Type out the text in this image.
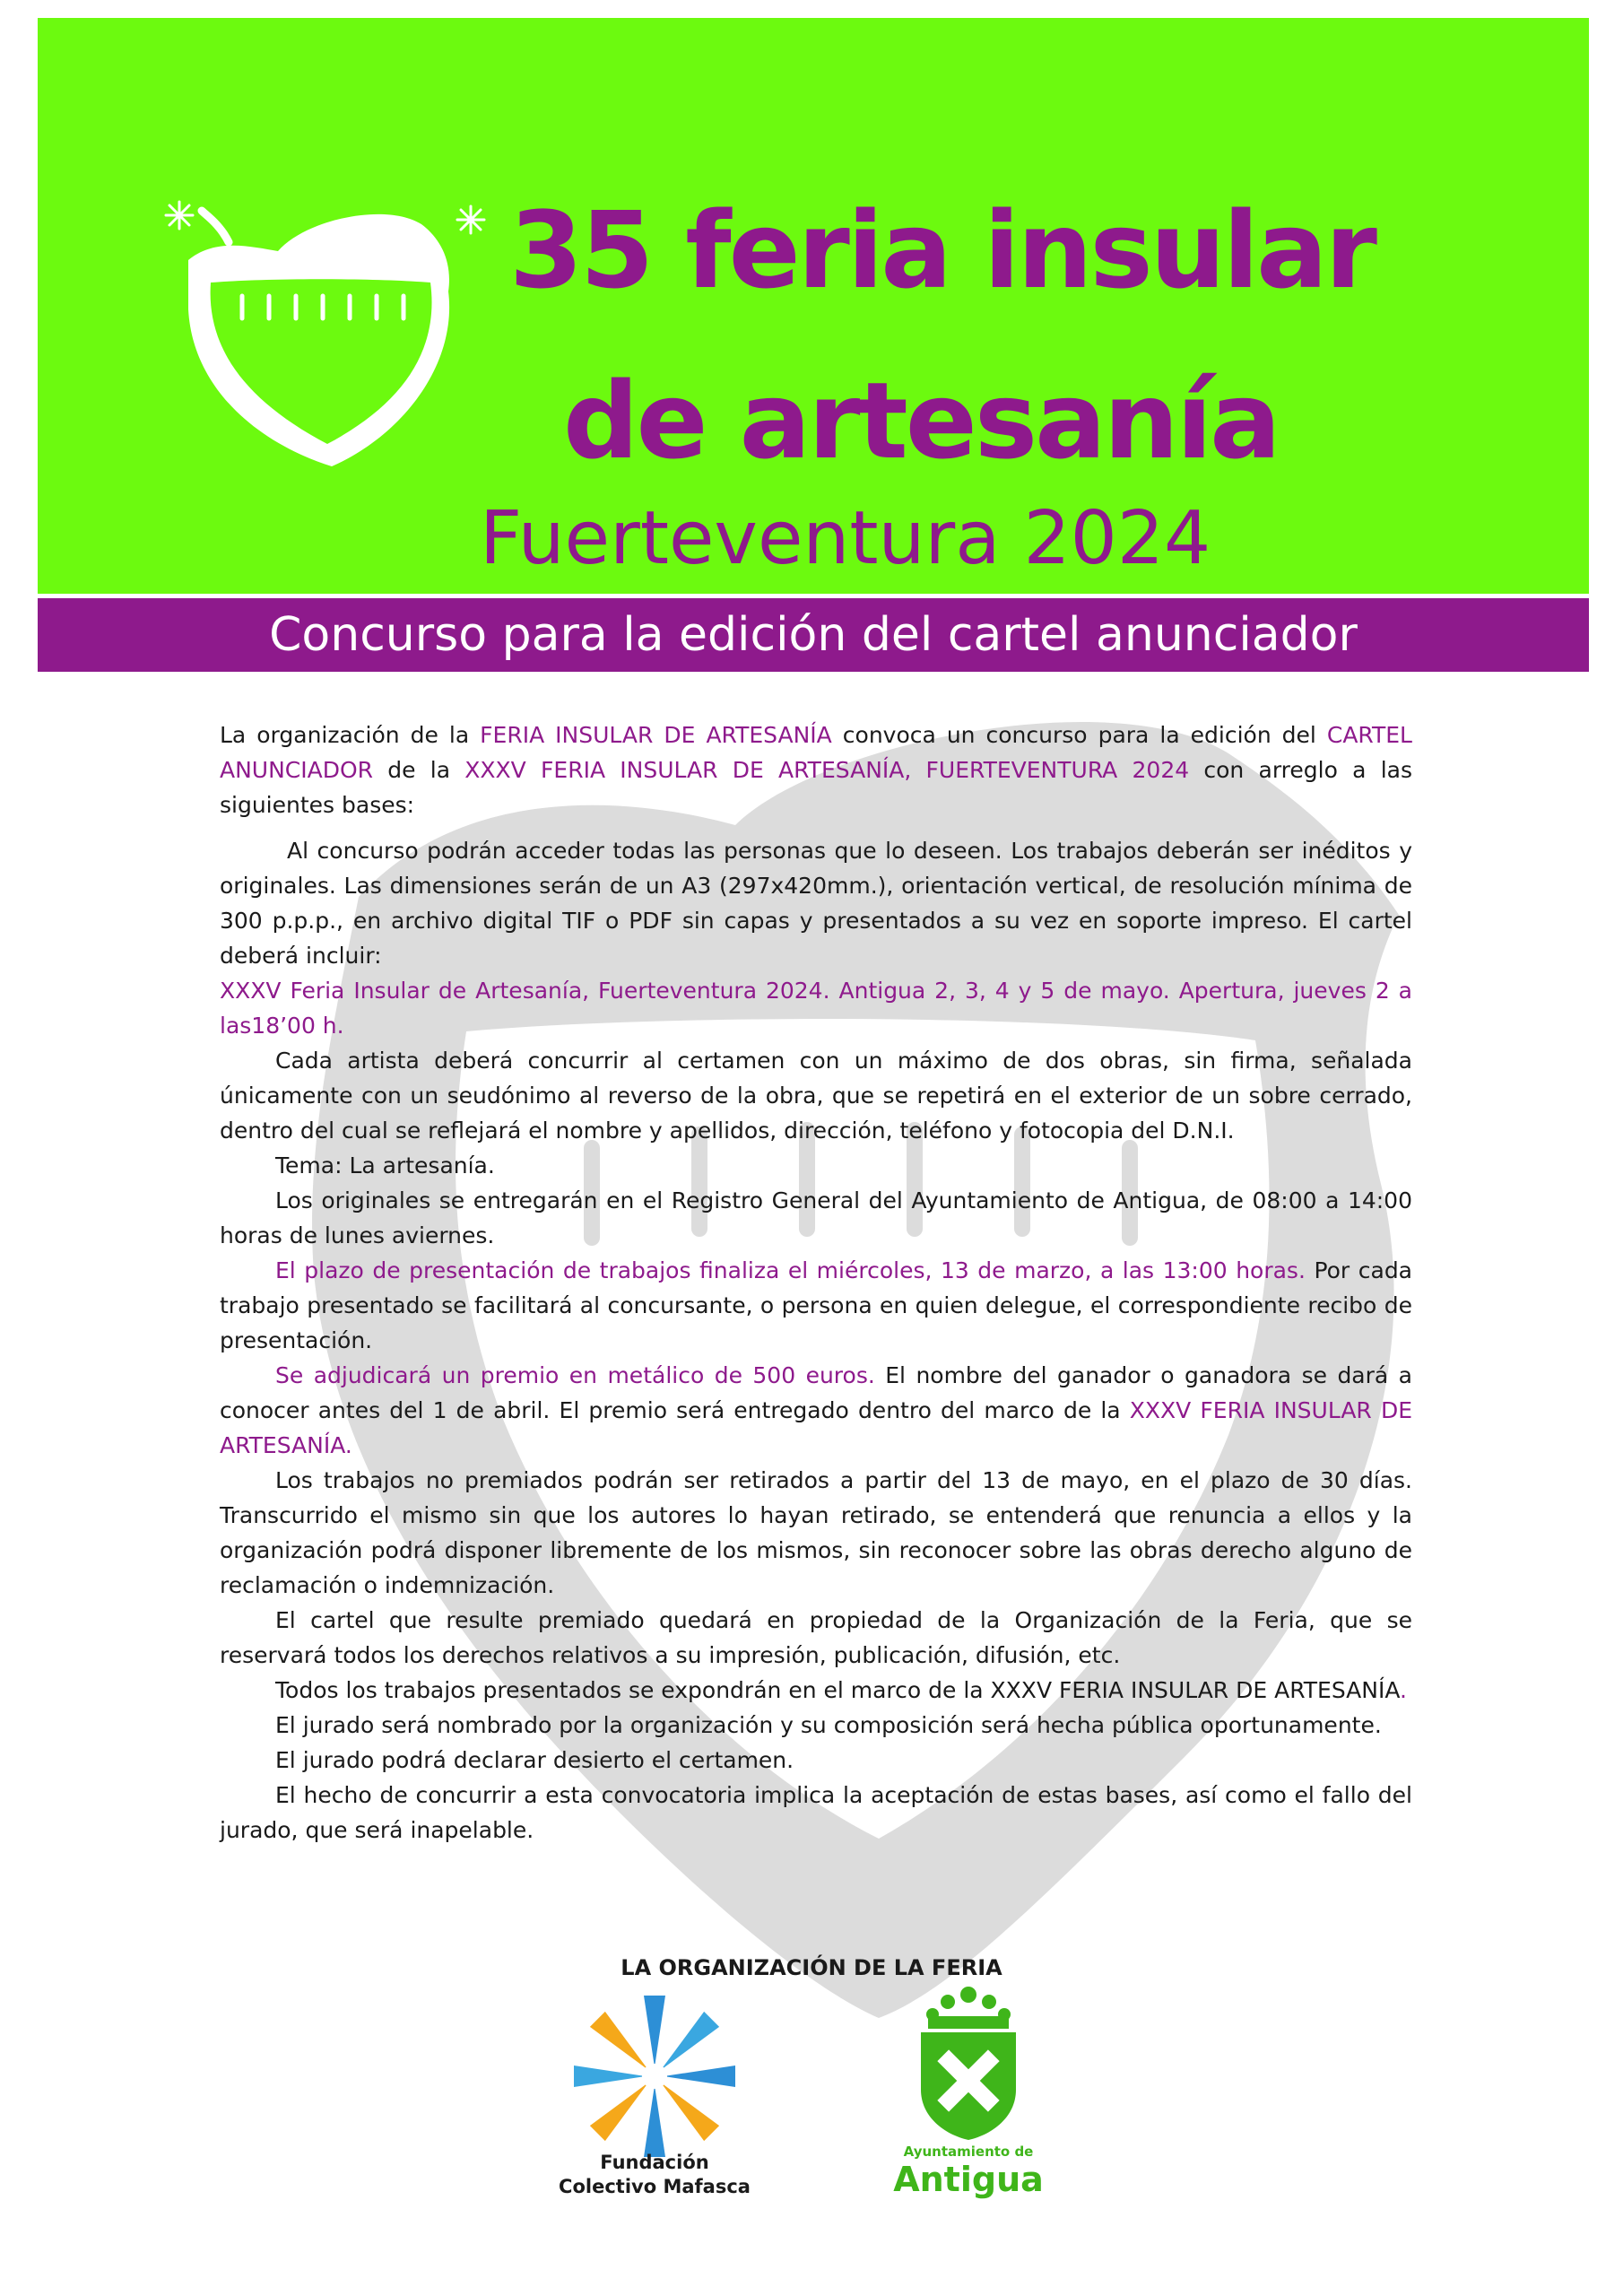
35 feria insular
de artesanía
Fuerteventura 2024
Concurso para la edición del cartel anunciador

La organización de la FERIA INSULAR DE ARTESANÍA convoca un concurso para la edición del CARTEL ANUNCIADOR de la XXXV FERIA INSULAR DE ARTESANÍA, FUERTEVENTURA 2024 con arreglo a las siguientes bases:

Al concurso podrán acceder todas las personas que lo deseen. Los trabajos deberán ser inéditos y originales. Las dimensiones serán de un A3 (297x420mm.), orientación vertical, de resolución mínima de 300 p.p.p., en archivo digital TIF o PDF sin capas y presentados a su vez en soporte impreso. El cartel deberá incluir:

XXXV Feria Insular de Artesanía, Fuerteventura 2024. Antigua 2, 3, 4 y 5 de mayo. Apertura, jueves 2 a las18’00 h.

Cada artista deberá concurrir al certamen con un máximo de dos obras, sin firma, señalada únicamente con un seudónimo al reverso de la obra, que se repetirá en el exterior de un sobre cerrado, dentro del cual se reflejará el nombre y apellidos, dirección, teléfono y fotocopia del D.N.I.

Tema: La artesanía.

Los originales se entregarán en el Registro General del Ayuntamiento de Antigua, de 08:00 a 14:00 horas de lunes aviernes.

El plazo de presentación de trabajos finaliza el miércoles, 13 de marzo, a las 13:00 horas. Por cada trabajo presentado se facilitará al concursante, o persona en quien delegue, el correspondiente recibo de presentación.

Se adjudicará un premio en metálico de 500 euros. El nombre del ganador o ganadora se dará a conocer antes del 1 de abril. El premio será entregado dentro del marco de la XXXV FERIA INSULAR DE ARTESANÍA.

Los trabajos no premiados podrán ser retirados a partir del 13 de mayo, en el plazo de 30 días. Transcurrido el mismo sin que los autores lo hayan retirado, se entenderá que renuncia a ellos y la organización podrá disponer libremente de los mismos, sin reconocer sobre las obras derecho alguno de reclamación o indemnización.

El cartel que resulte premiado quedará en propiedad de la Organización de la Feria, que se reservará todos los derechos relativos a su impresión, publicación, difusión, etc.

Todos los trabajos presentados se expondrán en el marco de la XXXV FERIA INSULAR DE ARTESANÍA.

El jurado será nombrado por la organización y su composición será hecha pública oportunamente.

El jurado podrá declarar desierto el certamen.

El hecho de concurrir a esta convocatoria implica la aceptación de estas bases, así como el fallo del jurado, que será inapelable.

LA ORGANIZACIÓN DE LA FERIA
Fundación
Colectivo Mafasca
Ayuntamiento de
Antigua
